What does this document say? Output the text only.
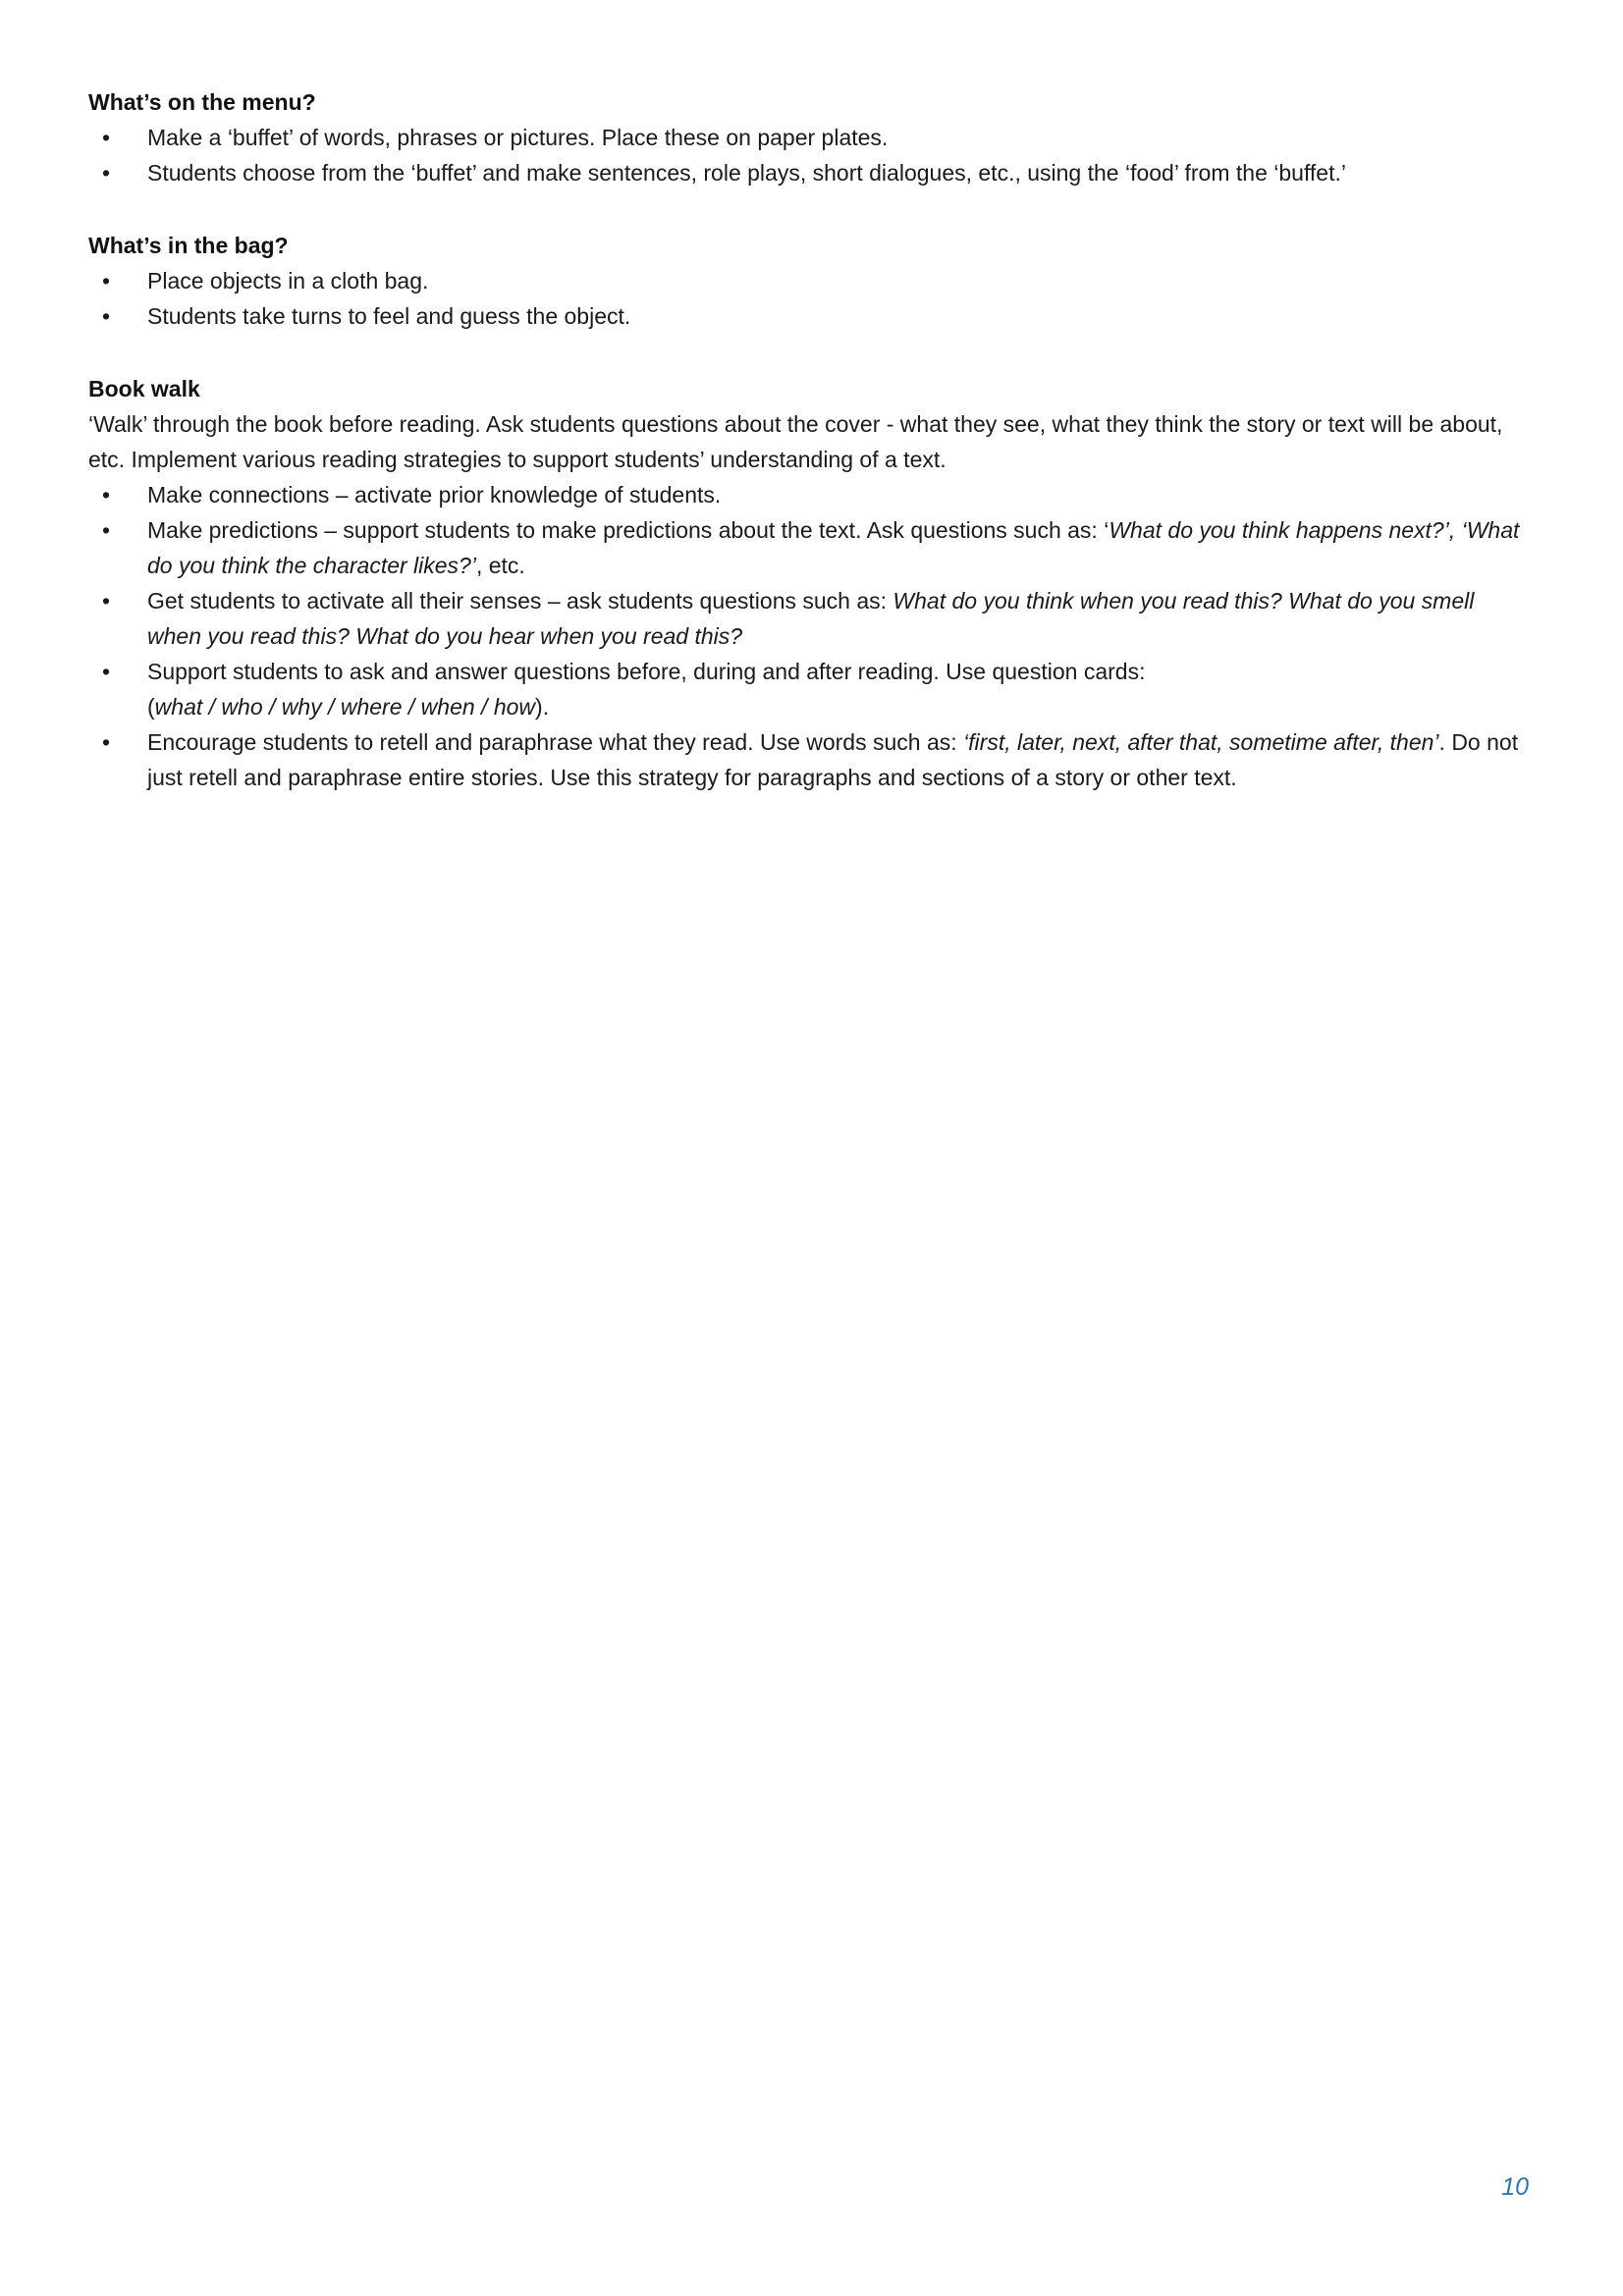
What’s on the menu?
•	Make a ‘buffet’ of words, phrases or pictures. Place these on paper plates.
•	Students choose from the ‘buffet’ and make sentences, role plays, short dialogues, etc., using the ‘food’ from the ‘buffet.’
What’s in the bag?
•	Place objects in a cloth bag.
•	Students take turns to feel and guess the object.
Book walk

‘Walk’ through the book before reading. Ask students questions about the cover - what they see, what they think the story or text will be about, etc. Implement various reading strategies to support students’ understanding of a text.

•	Make connections – activate prior knowledge of students.
•	Make predictions – support students to make predictions about the text. Ask questions such as: ‘What do you think happens next?’, ‘What do you think the character likes?’, etc.
•	Get students to activate all their senses – ask students questions such as: What do you think when you read this? What do you smell when you read this? What do you hear when you read this?
•	Support students to ask and answer questions before, during and after reading. Use question cards:
(what / who / why / where / when / how).
•	Encourage students to retell and paraphrase what they read. Use words such as: ‘first, later, next, after that, sometime after, then’. Do not just retell and paraphrase entire stories. Use this strategy for paragraphs and sections of a story or other text.
10
